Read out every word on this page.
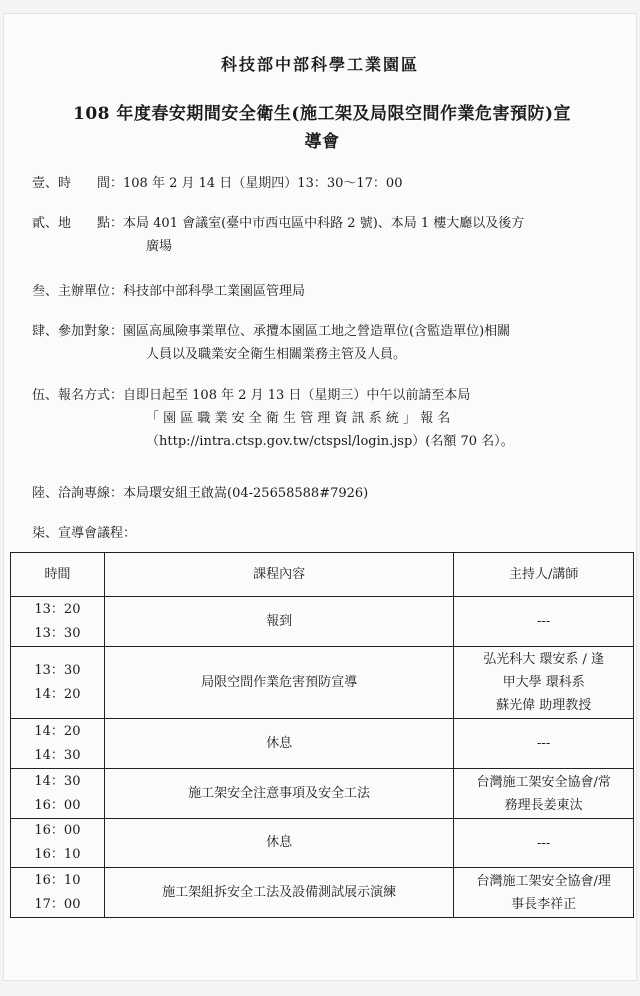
科技部中部科學工業園區
108 年度春安期間安全衛生(施工架及局限空間作業危害預防)宣
導會
壹、時　　間： 108 年 2 月 14 日（星期四）13：30～17：00
貳、地　　點： 本局 401 會議室(臺中市西屯區中科路 2 號)、本局 1 樓大廳以及後方
廣場
叁、主辦單位： 科技部中部科學工業園區管理局
肆、參加對象： 園區高風險事業單位、承攬本園區工地之營造單位(含監造單位)相關
人員以及職業安全衛生相關業務主管及人員。
伍、報名方式： 自即日起至 108 年 2 月 13 日（星期三）中午以前請至本局
「 園 區 職 業 安 全 衛 生 管 理 資 訊 系 統 」 報 名
（http://intra.ctsp.gov.tw/ctspsl/login.jsp）(名額 70 名）。
陸、洽詢專線： 本局環安組王啟嵩(04-25658588#7926)
柒、宣導會議程：
時間	課程內容	主持人/講師

13：20
13：30	報到	---

13：30
14：20	局限空間作業危害預防宣導	弘光科大 環安系 / 逢
甲大學 環科系
蘇光偉 助理教授

14：20
14：30	休息	---

14：30
16：00	施工架安全注意事項及安全工法	台灣施工架安全協會/常
務理長姜東汰

16：00
16：10	休息	---

16：10
17：00	施工架組拆安全工法及設備測試展示演練	台灣施工架安全協會/理
事長李祥正
